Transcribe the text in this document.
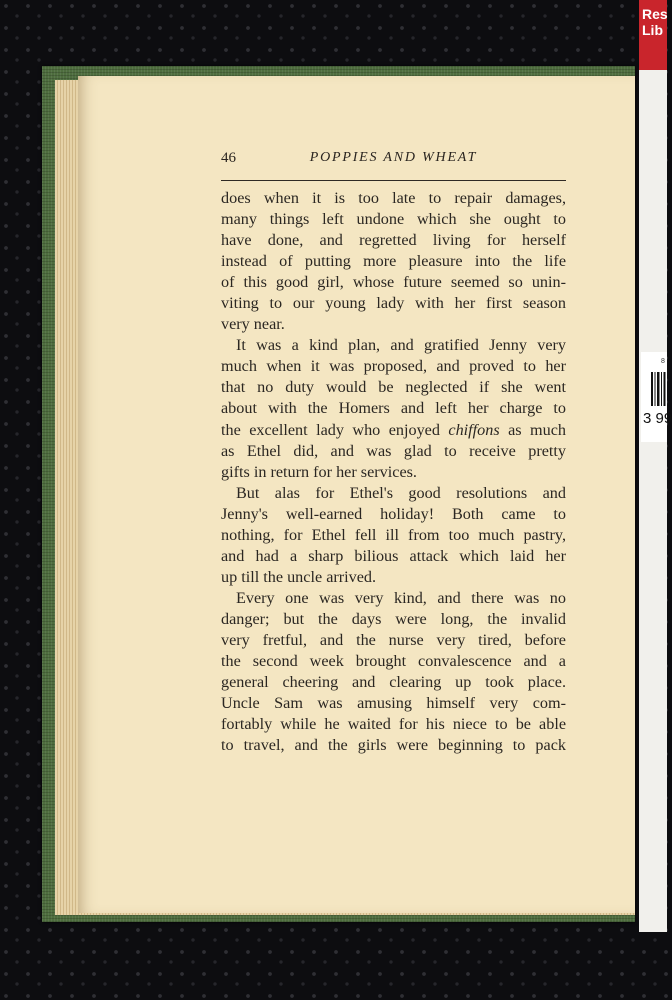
46	POPPIES AND WHEAT
does when it is too late to repair damages,
many things left undone which she ought to
have done, and regretted living for herself
instead of putting more pleasure into the life
of this good girl, whose future seemed so unin-
viting to our young lady with her first season
very near.
It was a kind plan, and gratified Jenny very
much when it was proposed, and proved to her
that no duty would be neglected if she went
about with the Homers and left her charge to
the excellent lady who enjoyed chiffons as much
as Ethel did, and was glad to receive pretty
gifts in return for her services.
But alas for Ethel's good resolutions and
Jenny's well-earned holiday! Both came to
nothing, for Ethel fell ill from too much pastry,
and had a sharp bilious attack which laid her
up till the uncle arrived.
Every one was very kind, and there was no
danger; but the days were long, the invalid
very fretful, and the nurse very tired, before
the second week brought convalescence and a
general cheering and clearing up took place.
Uncle Sam was amusing himself very com-
fortably while he waited for his niece to be able
to travel, and the girls were beginning to pack
Res
Lib
8
3 99
